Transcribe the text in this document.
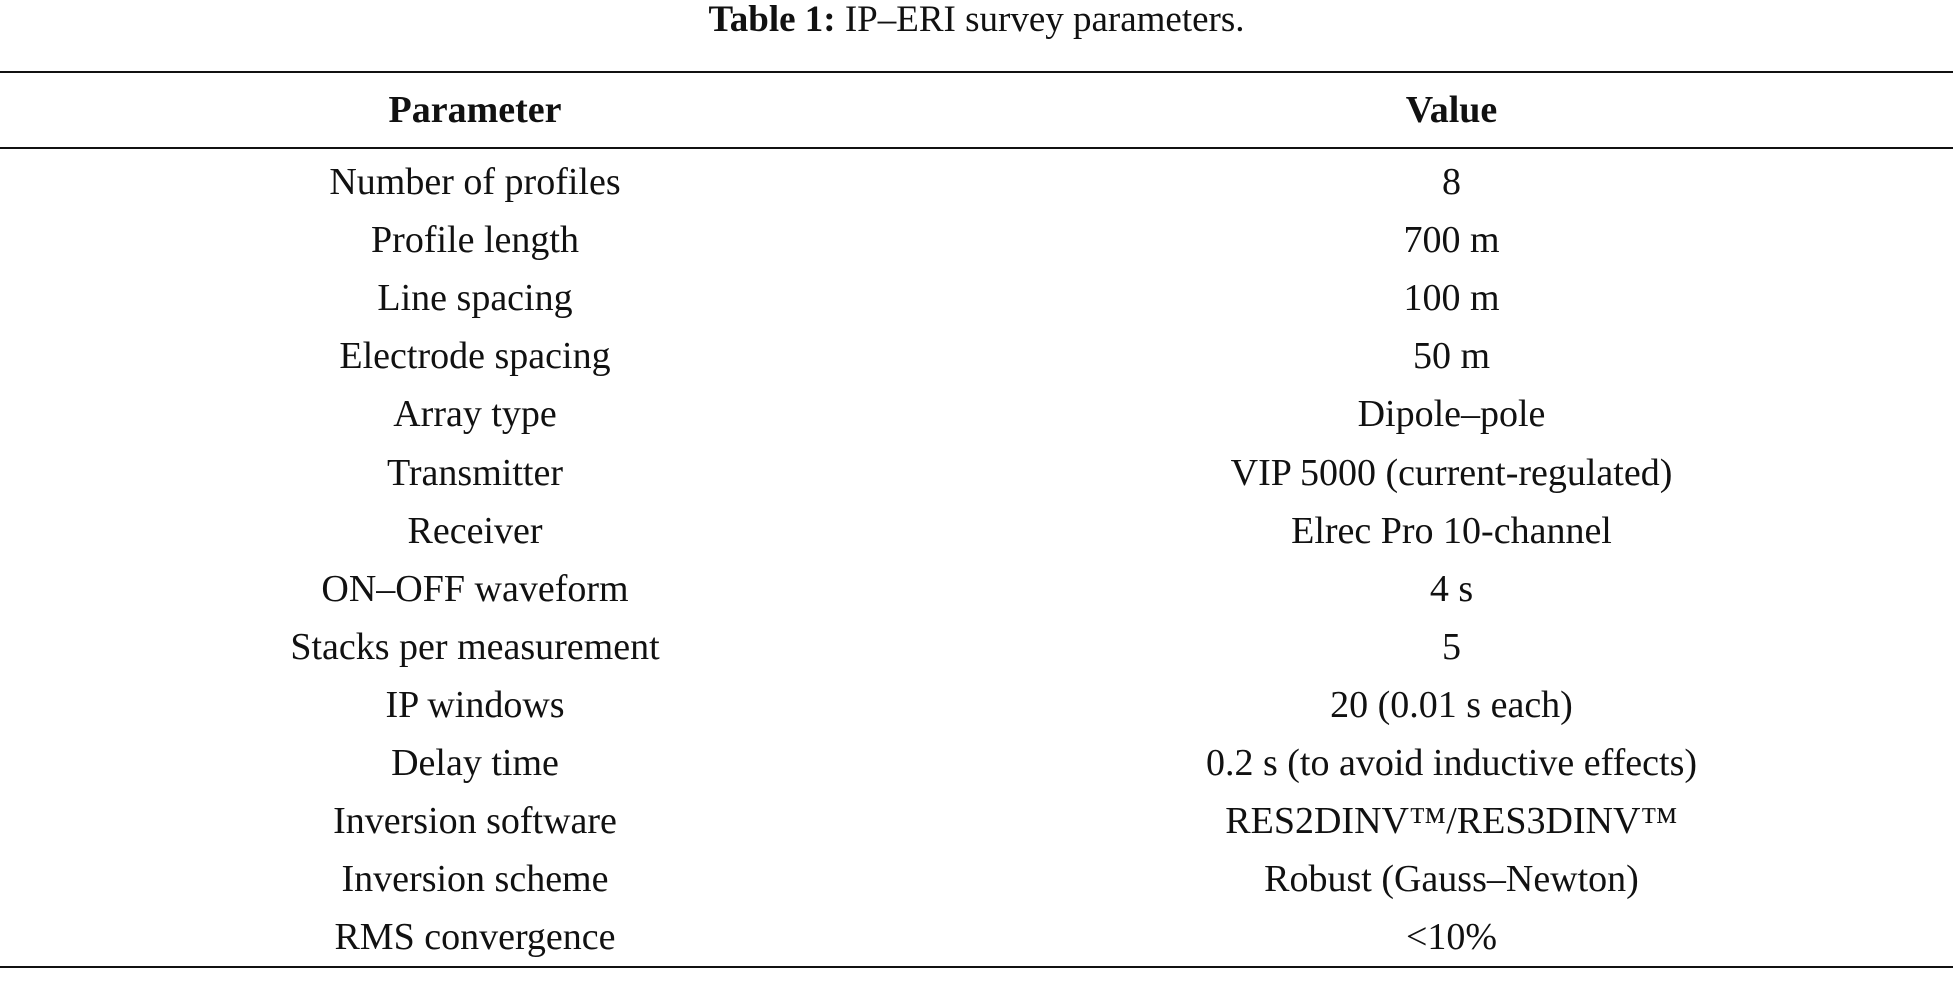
Table 1: IP–ERI survey parameters.
Parameter	Value
Number of profiles	8
Profile length	700 m
Line spacing	100 m
Electrode spacing	50 m
Array type	Dipole–pole
Transmitter	VIP 5000 (current-regulated)
Receiver	Elrec Pro 10-channel
ON–OFF waveform	4 s
Stacks per measurement	5
IP windows	20 (0.01 s each)
Delay time	0.2 s (to avoid inductive effects)
Inversion software	RES2DINV™/RES3DINV™
Inversion scheme	Robust (Gauss–Newton)
RMS convergence	<10%
